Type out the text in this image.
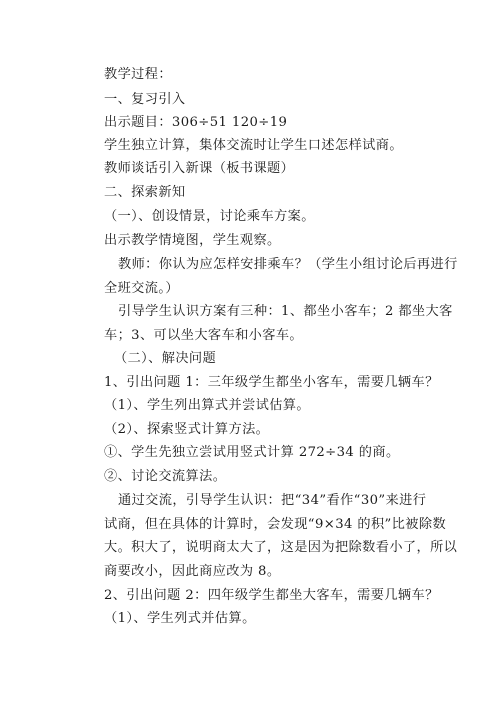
教学过程：
一、复习引入
出示题目：306÷51 120÷19
学生独立计算，集体交流时让学生口述怎样试商。
教师谈话引入新课（板书课题）
二、探索新知
（一）、创设情景，讨论乘车方案。
出示教学情境图，学生观察。
教师：你认为应怎样安排乘车？（学生小组讨论后再进行
全班交流。）
引导学生认识方案有三种：1、都坐小客车；2 都坐大客
车；3、可以坐大客车和小客车。
（二）、解决问题
1、引出问题 1：三年级学生都坐小客车，需要几辆车？
（1）、学生列出算式并尝试估算。
（2）、探索竖式计算方法。
①、学生先独立尝试用竖式计算 272÷34 的商。
②、讨论交流算法。
通过交流，引导学生认识：把“34”看作“30”来进行
试商，但在具体的计算时，会发现“9×34 的积”比被除数
大。积大了，说明商太大了，这是因为把除数看小了，所以
商要改小，因此商应改为 8。
2、引出问题 2：四年级学生都坐大客车，需要几辆车？
（1）、学生列式并估算。
